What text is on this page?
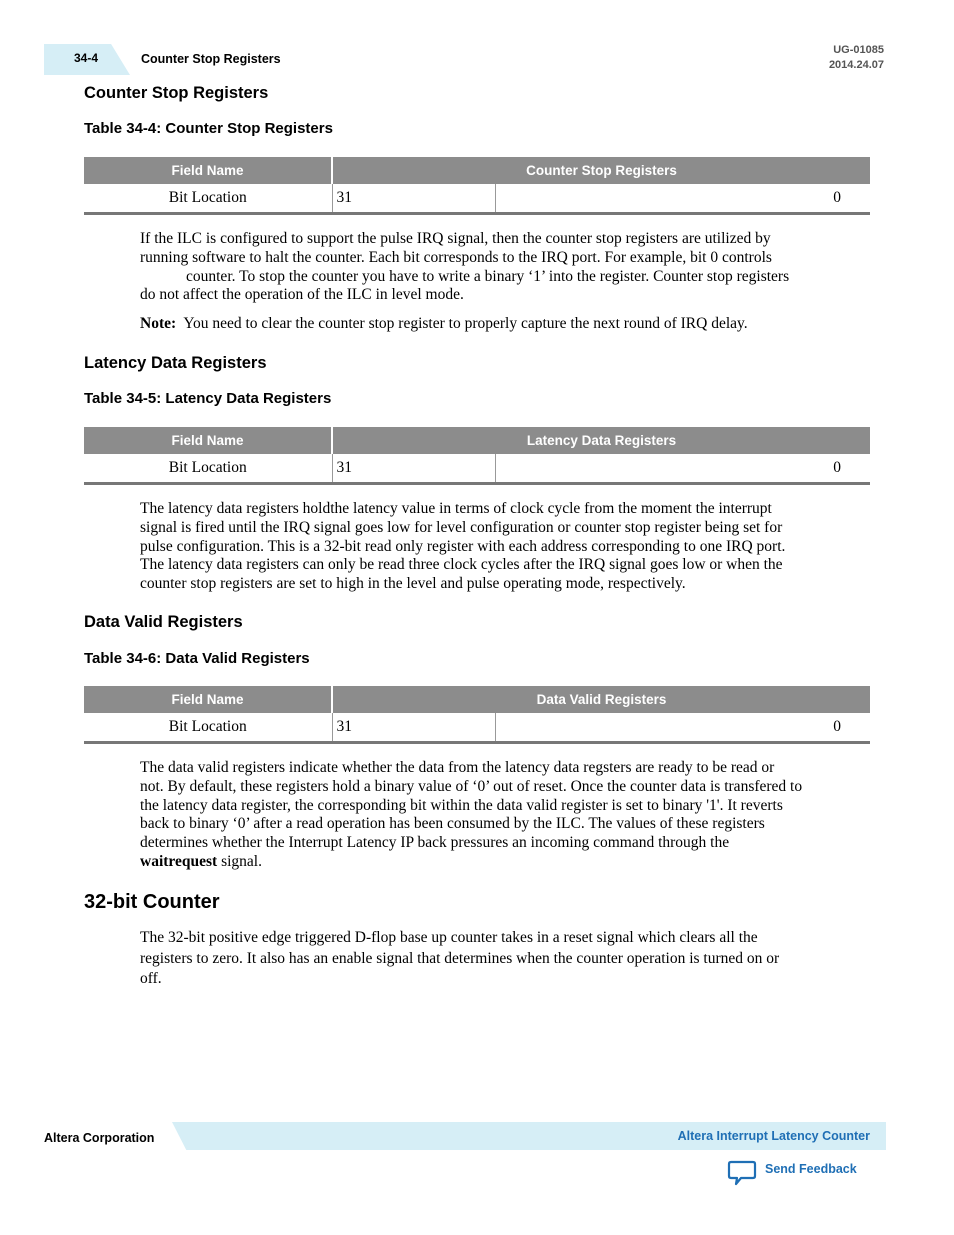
34-4	Counter Stop Registers
UG-01085
2014.24.07
Counter Stop Registers

Table 34-4: Counter Stop Registers

Field Name	Counter Stop Registers	
Bit Location	31	0
If the ILC is configured to support the pulse IRQ signal, then the counter stop registers are utilized by
running software to halt the counter. Each bit corresponds to the IRQ port. For example, bit 0 controls
counter. To stop the counter you have to write a binary ‘1’ into the register. Counter stop registers
do not affect the operation of the ILC in level mode.

Note: You need to clear the counter stop register to properly capture the next round of IRQ delay.

Latency Data Registers

Table 34-5: Latency Data Registers

Field Name	Latency Data Registers	
Bit Location	31	0
The latency data registers holdthe latency value in terms of clock cycle from the moment the interrupt
signal is fired until the IRQ signal goes low for level configuration or counter stop register being set for
pulse configuration. This is a 32-bit read only register with each address corresponding to one IRQ port.
The latency data registers can only be read three clock cycles after the IRQ signal goes low or when the
counter stop registers are set to high in the level and pulse operating mode, respectively.
Data Valid Registers

Table 34-6: Data Valid Registers

Field Name	Data Valid Registers	
Bit Location	31	0
The data valid registers indicate whether the data from the latency data regsters are ready to be read or
not. By default, these registers hold a binary value of ‘0’ out of reset. Once the counter data is transfered to
the latency data register, the corresponding bit within the data valid register is set to binary '1'. It reverts
back to binary ‘0’ after a read operation has been consumed by the ILC. The values of these registers
determines whether the Interrupt Latency IP back pressures an incoming command through the
waitrequest signal.
32-bit Counter
The 32-bit positive edge triggered D-flop base up counter takes in a reset signal which clears all the
registers to zero. It also has an enable signal that determines when the counter operation is turned on or
off.
Altera Corporation	Altera Interrupt Latency Counter
Send Feedback
